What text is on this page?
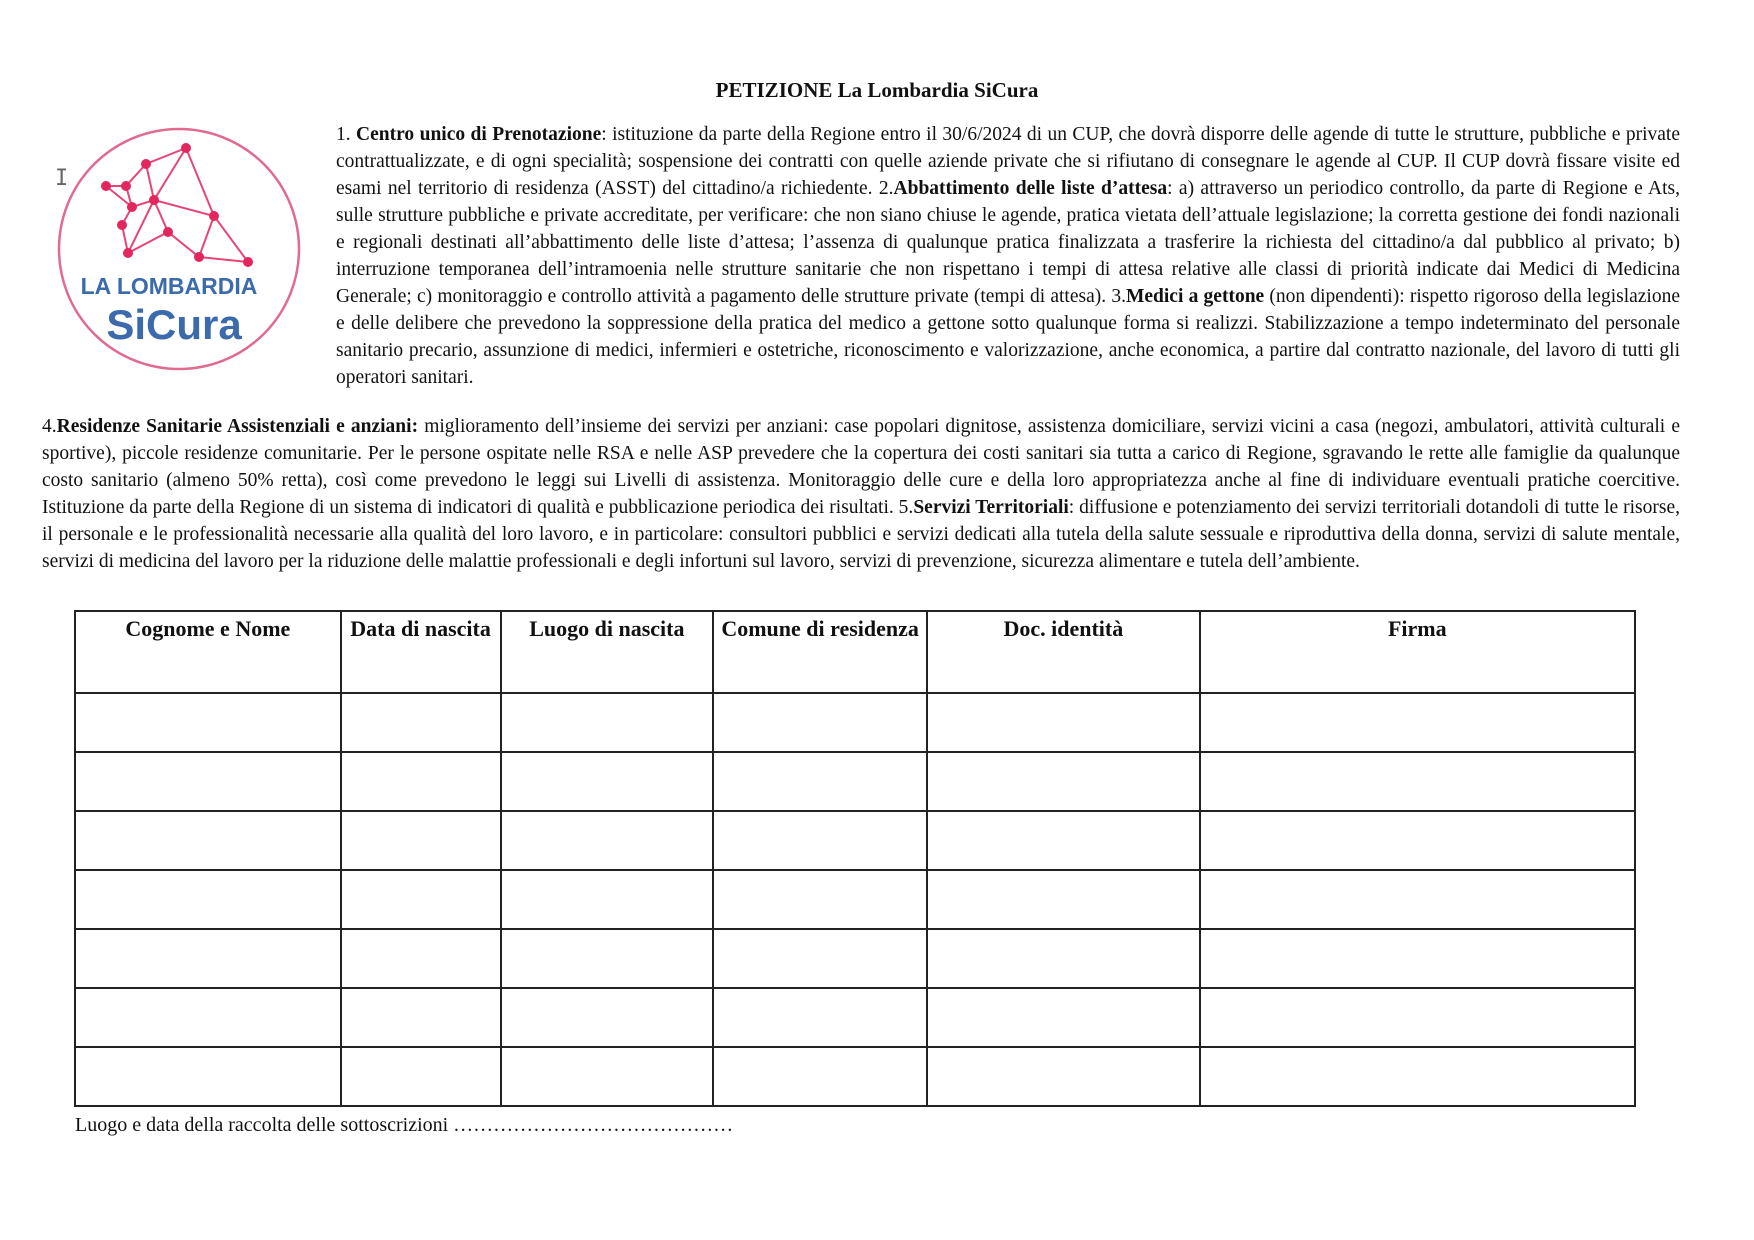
PETIZIONE La Lombardia SiCura
I
LA LOMBARDIA
SiCura

1. Centro unico di Prenotazione: istituzione da parte della Regione entro il 30/6/2024 di un CUP, che dovrà disporre delle agende di tutte le strutture, pubbliche e private contrattualizzate, e di ogni specialità; sospensione dei contratti con quelle aziende private che si rifiutano di consegnare le agende al CUP. Il CUP dovrà fissare visite ed esami nel territorio di residenza (ASST) del cittadino/a richiedente. 2.Abbattimento delle liste d’attesa: a) attraverso un periodico controllo, da parte di Regione e Ats, sulle strutture pubbliche e private accreditate, per verificare: che non siano chiuse le agende, pratica vietata dell’attuale legislazione; la corretta gestione dei fondi nazionali e regionali destinati all’abbattimento delle liste d’attesa; l’assenza di qualunque pratica finalizzata a trasferire la richiesta del cittadino/a dal pubblico al privato; b) interruzione temporanea dell’intramoenia nelle strutture sanitarie che non rispettano i tempi di attesa relative alle classi di priorità indicate dai Medici di Medicina Generale; c) monitoraggio e controllo attività a pagamento delle strutture private (tempi di attesa). 3.Medici a gettone (non dipendenti): rispetto rigoroso della legislazione e delle delibere che prevedono la soppressione della pratica del medico a gettone sotto qualunque forma si realizzi. Stabilizzazione a tempo indeterminato del personale sanitario precario, assunzione di medici, infermieri e ostetriche, riconoscimento e valorizzazione, anche economica, a partire dal contratto nazionale, del lavoro di tutti gli operatori sanitari.

4.Residenze Sanitarie Assistenziali e anziani: miglioramento dell’insieme dei servizi per anziani: case popolari dignitose, assistenza domiciliare, servizi vicini a casa (negozi, ambulatori, attività culturali e sportive), piccole residenze comunitarie. Per le persone ospitate nelle RSA e nelle ASP prevedere che la copertura dei costi sanitari sia tutta a carico di Regione, sgravando le rette alle famiglie da qualunque costo sanitario (almeno 50% retta), così come prevedono le leggi sui Livelli di assistenza. Monitoraggio delle cure e della loro appropriatezza anche al fine di individuare eventuali pratiche coercitive. Istituzione da parte della Regione di un sistema di indicatori di qualità e pubblicazione periodica dei risultati. 5.Servizi Territoriali: diffusione e potenziamento dei servizi territoriali dotandoli di tutte le risorse, il personale e le professionalità necessarie alla qualità del loro lavoro, e in particolare: consultori pubblici e servizi dedicati alla tutela della salute sessuale e riproduttiva della donna, servizi di salute mentale, servizi di medicina del lavoro per la riduzione delle malattie professionali e degli infortuni sul lavoro, servizi di prevenzione, sicurezza alimentare e tutela dell’ambiente.

Cognome e Nome	Data di nascita	Luogo di nascita	Comune di residenza	Doc. identità	Firma

Luogo e data della raccolta delle sottoscrizioni ……………………………………
